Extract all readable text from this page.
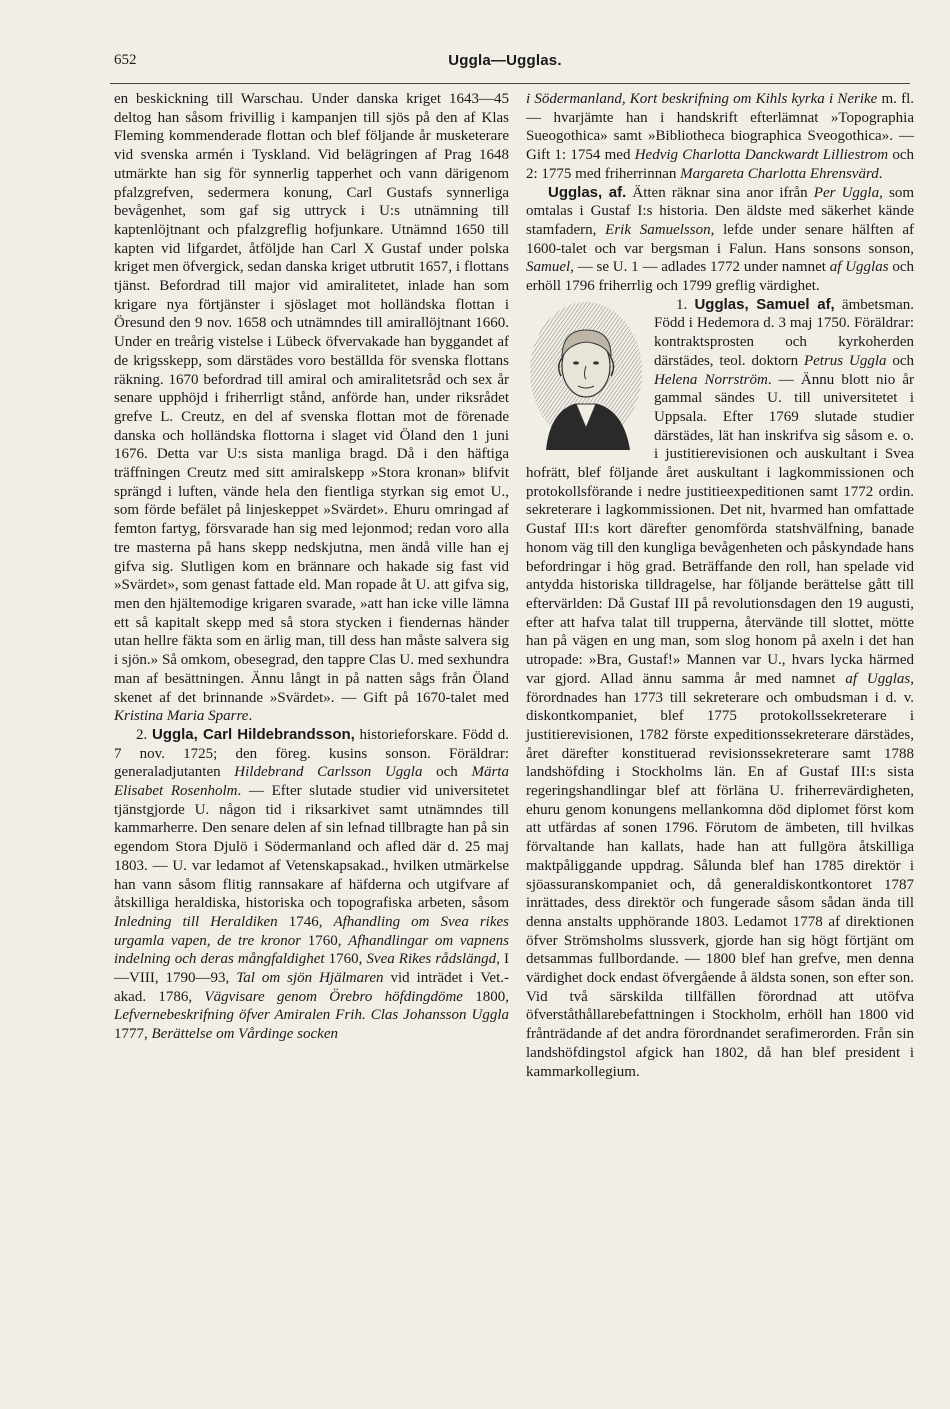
652	Uggla—Ugglas.

en beskickning till Warschau. Under danska kriget 1643—45 deltog han såsom frivillig i kampanjen till sjös på den af Klas Fleming kommenderade flottan och blef följande år musketerare vid svenska armén i Tyskland. Vid belägringen af Prag 1648 utmärkte han sig för synnerlig tapperhet och vann därigenom pfalzgrefven, sedermera konung, Carl Gustafs synnerliga bevågenhet, som gaf sig uttryck i U:s utnämning till kaptenlöjtnant och pfalzgreflig hofjunkare. Utnämnd 1650 till kapten vid lifgardet, åtföljde han Carl X Gustaf under polska kriget men öfvergick, sedan danska kriget utbrutit 1657, i flottans tjänst. Befordrad till major vid amiralitetet, inlade han som krigare nya förtjänster i sjöslaget mot holländska flottan i Öresund den 9 nov. 1658 och utnämndes till amirallöjtnant 1660. Under en treårig vistelse i Lübeck öfvervakade han byggandet af de krigsskepp, som därstädes voro beställda för svenska flottans räkning. 1670 befordrad till amiral och amiralitetsråd och sex år senare upphöjd i friherrligt stånd, anförde han, under riksrådet grefve L. Creutz, en del af svenska flottan mot de förenade danska och holländska flottorna i slaget vid Öland den 1 juni 1676. Detta var U:s sista manliga bragd. Då i den häftiga träffningen Creutz med sitt amiralskepp »Stora kronan» blifvit sprängd i luften, vände hela den fientliga styrkan sig emot U., som förde befälet på linjeskeppet »Svärdet». Ehuru omringad af femton fartyg, försvarade han sig med lejonmod; redan voro alla tre masterna på hans skepp nedskjutna, men ändå ville han ej gifva sig. Slutligen kom en brännare och hakade sig fast vid »Svärdet», som genast fattade eld. Man ropade åt U. att gifva sig, men den hjältemodige krigaren svarade, »att han icke ville lämna ett så kapitalt skepp med så stora stycken i fiendernas händer utan hellre fäkta som en ärlig man, till dess han måste salvera sig i sjön.» Så omkom, obesegrad, den tappre Clas U. med sexhundra man af besättningen. Ännu långt in på natten sågs från Öland skenet af det brinnande »Svärdet». — Gift på 1670-talet med Kristina Maria Sparre.

2. Uggla, Carl Hildebrandsson, historieforskare. Född d. 7 nov. 1725; den föreg. kusins sonson. Föräldrar: generaladjutanten Hildebrand Carlsson Uggla och Märta Elisabet Rosenholm. — Efter slutade studier vid universitetet tjänstgjorde U. någon tid i riksarkivet samt utnämndes till kammarherre. Den senare delen af sin lefnad tillbragte han på sin egendom Stora Djulö i Södermanland och afled där d. 25 maj 1803. — U. var ledamot af Vetenskapsakad., hvilken utmärkelse han vann såsom flitig rannsakare af häfderna och utgifvare af åtskilliga heraldiska, historiska och topografiska arbeten, såsom Inledning till Heraldiken 1746, Afhandling om Svea rikes urgamla vapen, de tre kronor 1760, Afhandlingar om vapnens indelning och deras mångfaldighet 1760, Svea Rikes rådslängd, I—VIII, 1790—93, Tal om sjön Hjälmaren vid inträdet i Vet.-akad. 1786, Vägvisare genom Örebro höfdingdöme 1800, Lefvernebeskrifning öfver Amiralen Frih. Clas Johansson Uggla 1777, Berättelse om Vårdinge socken

i Södermanland, Kort beskrifning om Kihls kyrka i Nerike m. fl. — hvarjämte han i handskrift efterlämnat »Topographia Sueogothica» samt »Bibliotheca biographica Sveogothica». — Gift 1: 1754 med Hedvig Charlotta Danckwardt Lilliestrom och 2: 1775 med friherrinnan Margareta Charlotta Ehrensvärd.

Ugglas, af. Ätten räknar sina anor ifrån Per Uggla, som omtalas i Gustaf I:s historia. Den äldste med säkerhet kände stamfadern, Erik Samuelsson, lefde under senare hälften af 1600-talet och var bergsman i Falun. Hans sonsons sonson, Samuel, — se U. 1 — adlades 1772 under namnet af Ugglas och erhöll 1796 friherrlig och 1799 greflig värdighet.

1. Ugglas, Samuel af,
ämbetsman. Född i Hedemora d. 3 maj 1750. Föräldrar: kontraktsprosten och kyrkoherden därstädes, teol. doktorn Petrus Uggla och Helena Norrström. — Ännu blott nio år gammal sändes U. till universitetet i Uppsala. Efter 1769 slutade studier därstädes, lät han inskrifva sig såsom e. o. i justitierevisionen och auskultant i Svea hofrätt, blef följande året auskultant i lagkommissionen och protokollsförande i nedre justitieexpeditionen samt 1772 ordin. sekreterare i lagkommissionen. Det nit, hvarmed han omfattade Gustaf III:s kort därefter genomförda statshvälfning, banade honom väg till den kungliga bevågenheten och påskyndade hans befordringar i hög grad. Beträffande den roll, han spelade vid antydda historiska tilldragelse, har följande berättelse gått till eftervärlden: Då Gustaf III på revolutionsdagen den 19 augusti, efter att hafva talat till trupperna, återvände till slottet, mötte han på vägen en ung man, som slog honom på axeln i det han utropade: »Bra, Gustaf!» Mannen var U., hvars lycka härmed var gjord. Allad ännu samma år med namnet af Ugglas, förordnades han 1773 till sekreterare och ombudsman i d. v. diskontkompaniet, blef 1775 protokollssekreterare i justitierevisionen, 1782 förste expeditionssekreterare därstädes, året därefter konstituerad revisionssekreterare samt 1788 landshöfding i Stockholms län. En af Gustaf III:s sista regeringshandlingar blef att förläna U. friherrevärdigheten, ehuru genom konungens mellankomna död diplomet först kom att utfärdas af sonen 1796. Förutom de ämbeten, till hvilkas förvaltande han kallats, hade han att fullgöra åtskilliga maktpåliggande uppdrag. Sålunda blef han 1785 direktör i sjöassuranskompaniet och, då generaldiskontkontoret 1787 inrättades, dess direktör och fungerade såsom sådan ända till denna anstalts upphörande 1803. Ledamot 1778 af direktionen öfver Strömsholms slussverk, gjorde han sig högt förtjänt om detsammas fullbordande. — 1800 blef han grefve, men denna värdighet dock endast öfvergående å äldsta sonen, son efter son. Vid två särskilda tillfällen förordnad att utöfva öfverståthållarebefattningen i Stockholm, erhöll han 1800 vid frånträdande af det andra förordnandet serafimerorden. Från sin landshöfdingstol afgick han 1802, då han blef president i kammarkollegium.
